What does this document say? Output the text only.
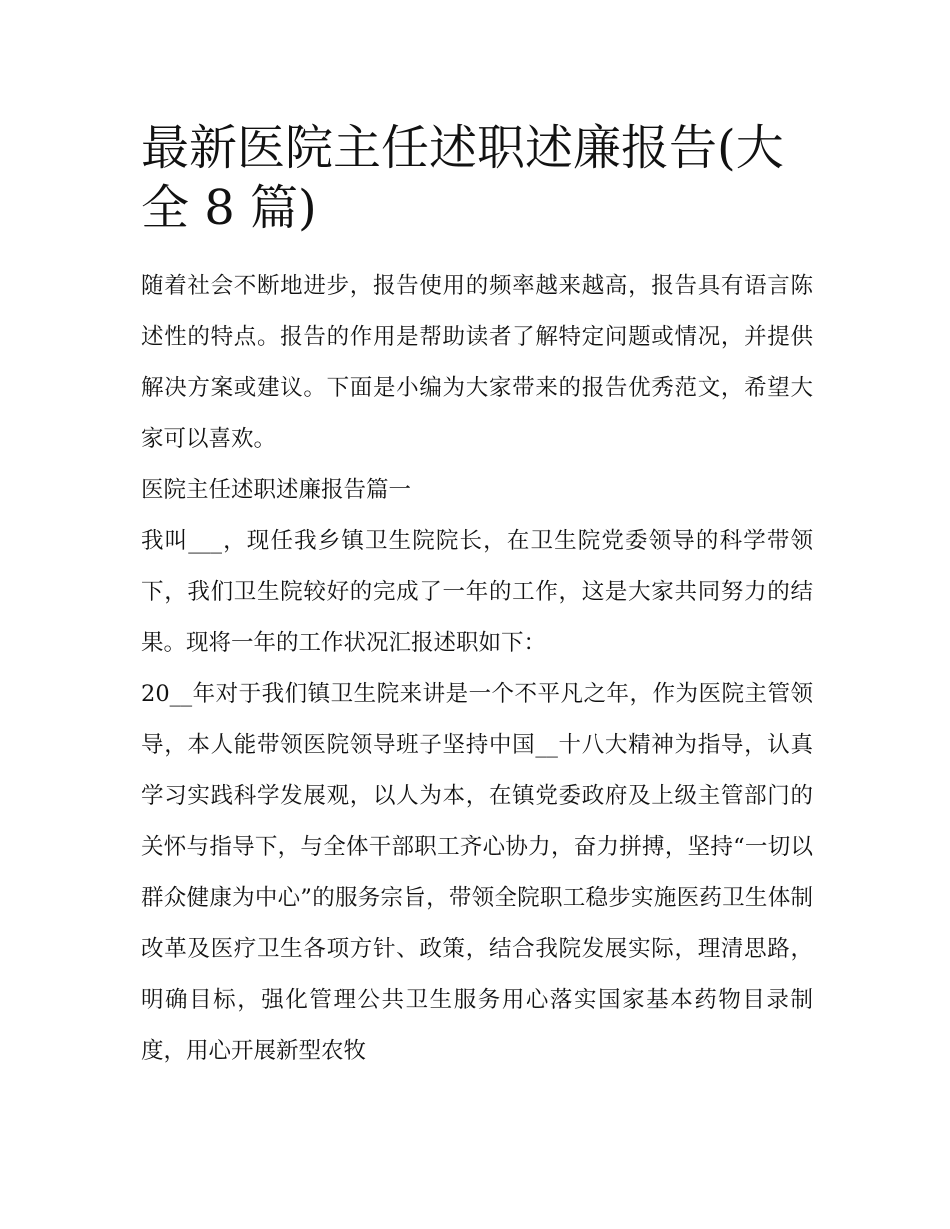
最新医院主任述职述廉报告(大全 8 篇)

随着社会不断地进步，报告使用的频率越来越高，报告具有语言陈述性的特点。报告的作用是帮助读者了解特定问题或情况，并提供解决方案或建议。下面是小编为大家带来的报告优秀范文，希望大家可以喜欢。

医院主任述职述廉报告篇一

我叫___，现任我乡镇卫生院院长，在卫生院党委领导的科学带领下，我们卫生院较好的完成了一年的工作，这是大家共同努力的结果。现将一年的工作状况汇报述职如下：

20__年对于我们镇卫生院来讲是一个不平凡之年，作为医院主管领导，本人能带领医院领导班子坚持中国__十八大精神为指导，认真学习实践科学发展观，以人为本，在镇党委政府及上级主管部门的关怀与指导下，与全体干部职工齐心协力，奋力拼搏，坚持“一切以群众健康为中心”的服务宗旨，带领全院职工稳步实施医药卫生体制改革及医疗卫生各项方针、政策，结合我院发展实际，理清思路，明确目标，强化管理公共卫生服务用心落实国家基本药物目录制度，用心开展新型农牧
